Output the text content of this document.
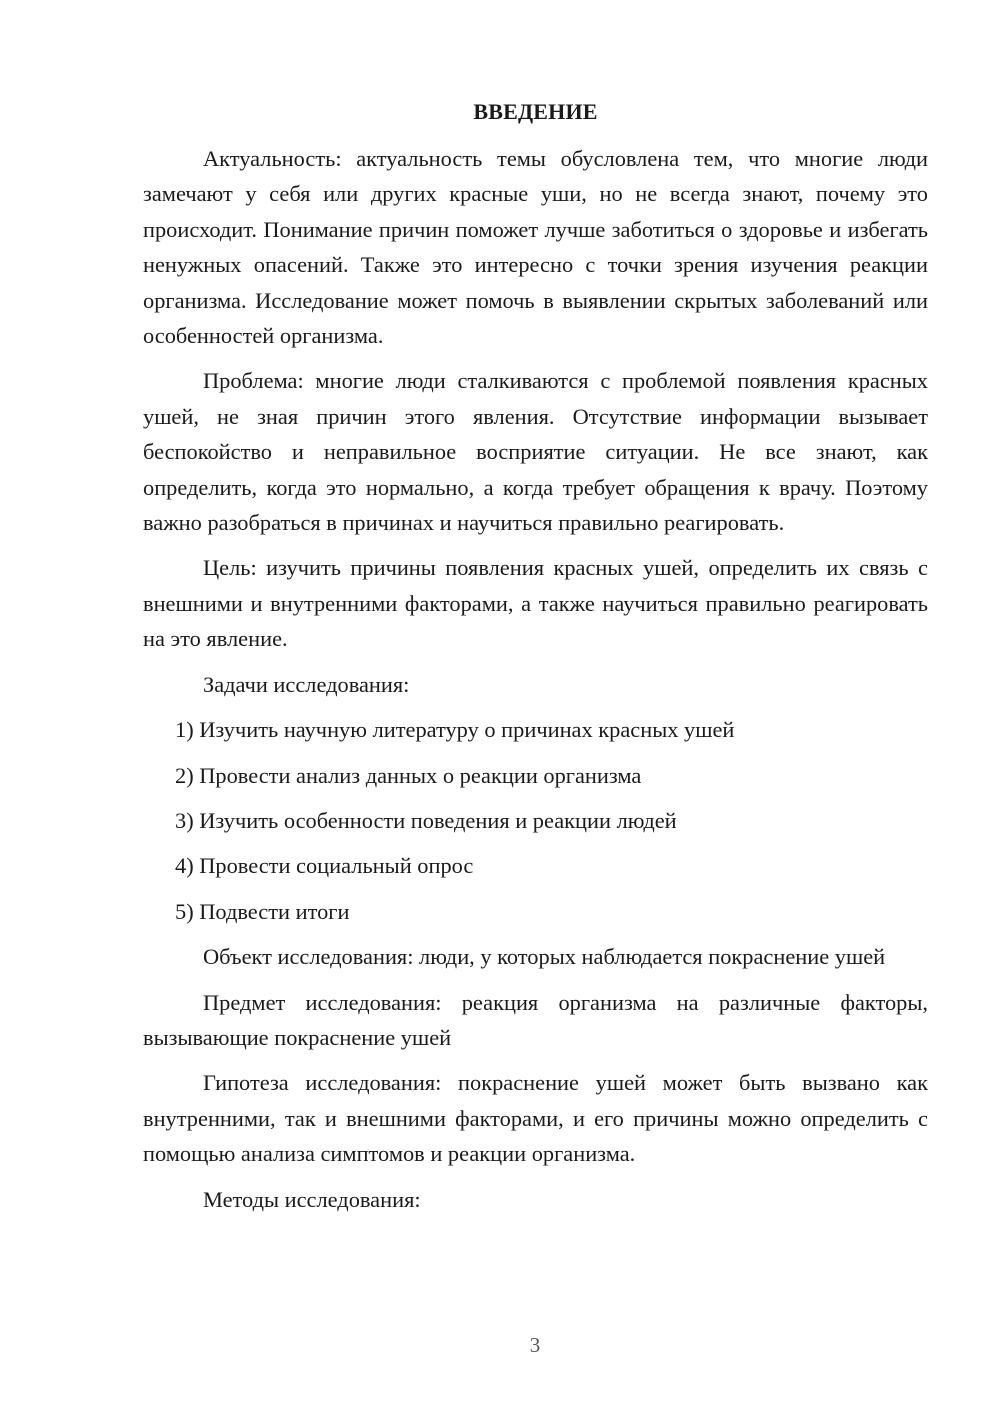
ВВЕДЕНИЕ

Актуальность: актуальность темы обусловлена тем, что многие люди замечают у себя или других красные уши, но не всегда знают, почему это происходит. Понимание причин поможет лучше заботиться о здоровье и избегать ненужных опасений. Также это интересно с точки зрения изучения реакции организма. Исследование может помочь в выявлении скрытых заболеваний или особенностей организма.

Проблема: многие люди сталкиваются с проблемой появления красных ушей, не зная причин этого явления. Отсутствие информации вызывает беспокойство и неправильное восприятие ситуации. Не все знают, как определить, когда это нормально, а когда требует обращения к врачу. Поэтому важно разобраться в причинах и научиться правильно реагировать.

Цель: изучить причины появления красных ушей, определить их связь с внешними и внутренними факторами, а также научиться правильно реагировать на это явление.

Задачи исследования:

1) Изучить научную литературу о причинах красных ушей
2) Провести анализ данных о реакции организма
3) Изучить особенности поведения и реакции людей
4) Провести социальный опрос
5) Подвести итоги

Объект исследования: люди, у которых наблюдается покраснение ушей

Предмет исследования: реакция организма на различные факторы, вызывающие покраснение ушей

Гипотеза исследования: покраснение ушей может быть вызвано как внутренними, так и внешними факторами, и его причины можно определить с помощью анализа симптомов и реакции организма.

Методы исследования:

3
